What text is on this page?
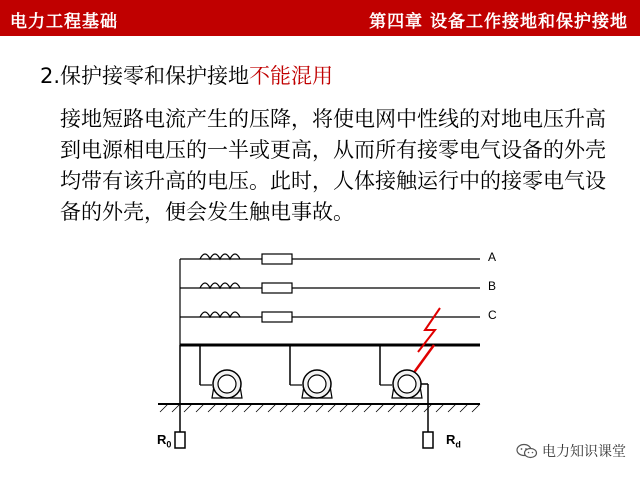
电力工程基础	第四章 设备工作接地和保护接地
2.保护接零和保护接地不能混用
接地短路电流产生的压降，将使电网中性线的对地电压升高到电源相电压的一半或更高，从而所有接零电气设备的外壳均带有该升高的电压。此时，人体接触运行中的接零电气设备的外壳，便会发生触电事故。
A
B
C
$R_0$	$R_d$	电力知识课堂
